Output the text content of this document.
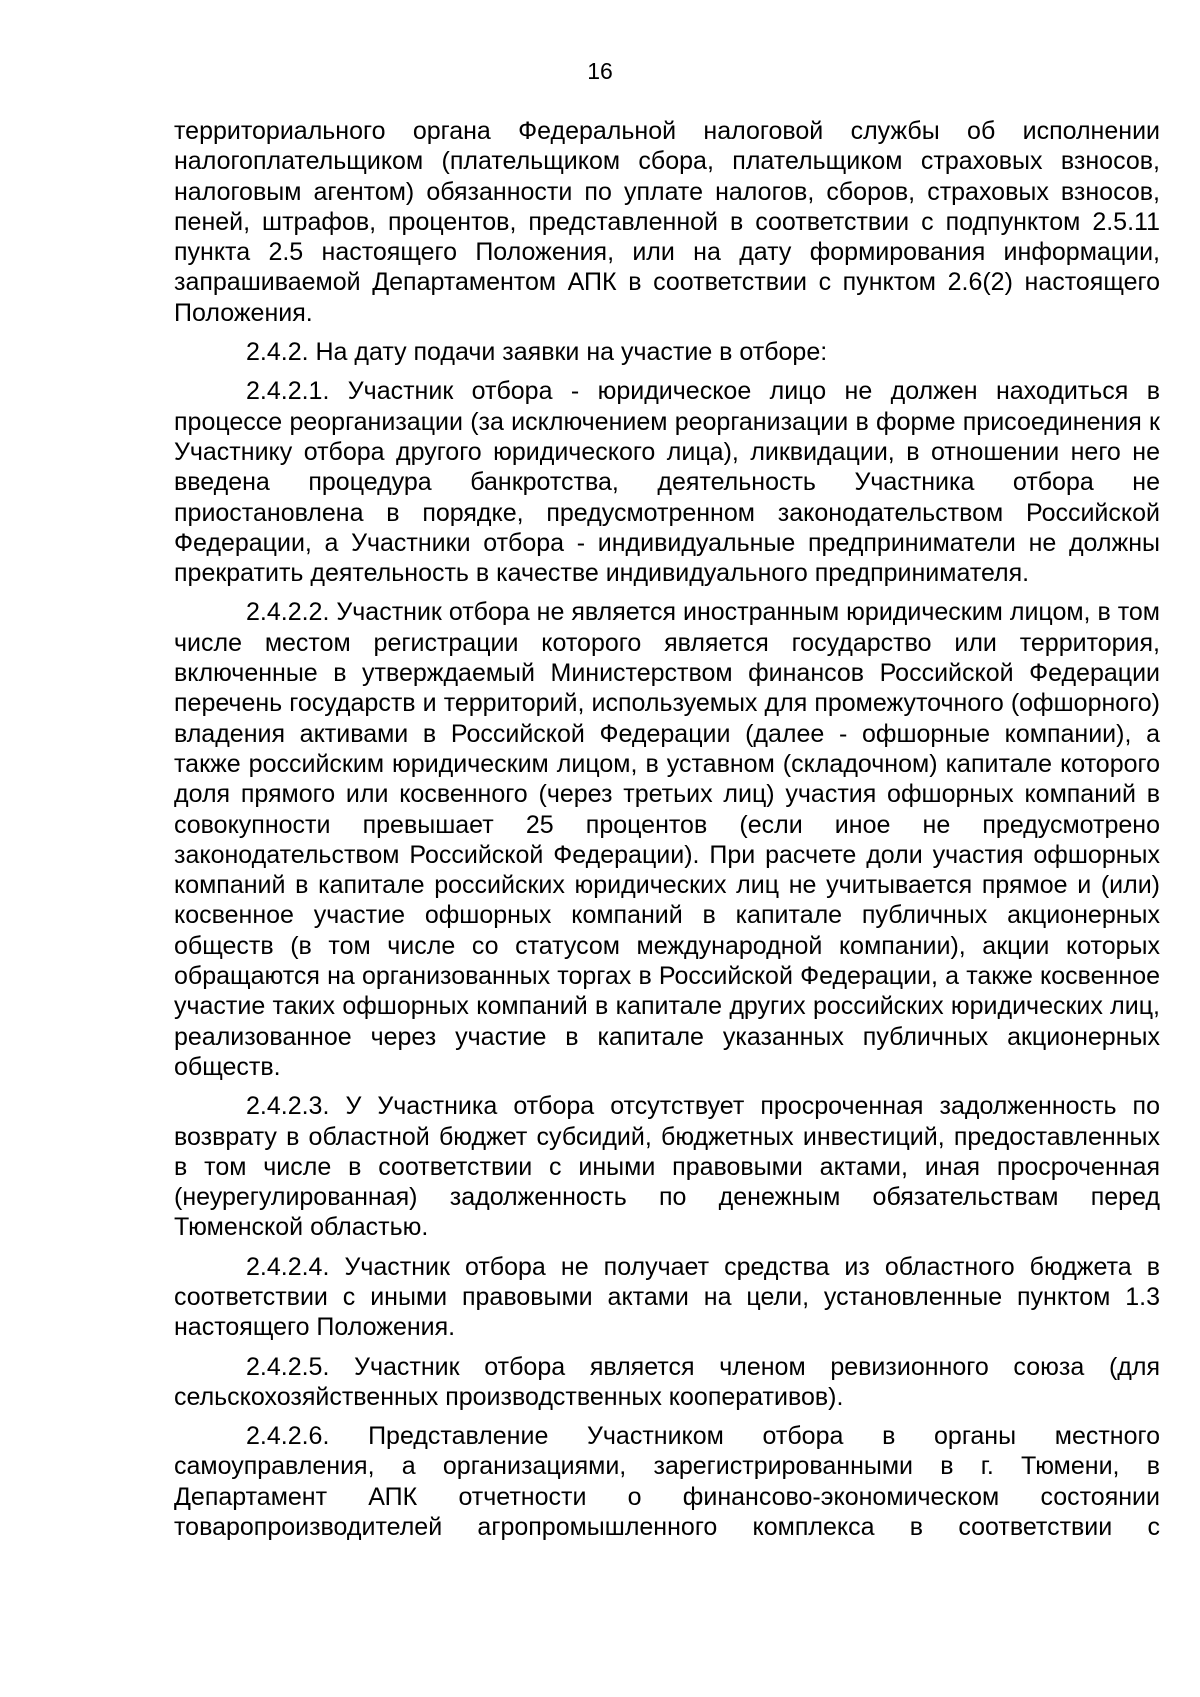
16

территориального органа Федеральной налоговой службы об исполнении налогоплательщиком (плательщиком сбора, плательщиком страховых взносов, налоговым агентом) обязанности по уплате налогов, сборов, страховых взносов, пеней, штрафов, процентов, представленной в соответствии с подпунктом 2.5.11 пункта 2.5 настоящего Положения, или на дату формирования информации, запрашиваемой Департаментом АПК в соответствии с пунктом 2.6(2) настоящего Положения.

2.4.2. На дату подачи заявки на участие в отборе:

2.4.2.1. Участник отбора - юридическое лицо не должен находиться в процессе реорганизации (за исключением реорганизации в форме присоединения к Участнику отбора другого юридического лица), ликвидации, в отношении него не введена процедура банкротства, деятельность Участника отбора не приостановлена в порядке, предусмотренном законодательством Российской Федерации, а Участники отбора - индивидуальные предприниматели не должны прекратить деятельность в качестве индивидуального предпринимателя.

2.4.2.2. Участник отбора не является иностранным юридическим лицом, в том числе местом регистрации которого является государство или территория, включенные в утверждаемый Министерством финансов Российской Федерации перечень государств и территорий, используемых для промежуточного (офшорного) владения активами в Российской Федерации (далее - офшорные компании), а также российским юридическим лицом, в уставном (складочном) капитале которого доля прямого или косвенного (через третьих лиц) участия офшорных компаний в совокупности превышает 25 процентов (если иное не предусмотрено законодательством Российской Федерации). При расчете доли участия офшорных компаний в капитале российских юридических лиц не учитывается прямое и (или) косвенное участие офшорных компаний в капитале публичных акционерных обществ (в том числе со статусом международной компании), акции которых обращаются на организованных торгах в Российской Федерации, а также косвенное участие таких офшорных компаний в капитале других российских юридических лиц, реализованное через участие в капитале указанных публичных акционерных обществ.

2.4.2.3. У Участника отбора отсутствует просроченная задолженность по возврату в областной бюджет субсидий, бюджетных инвестиций, предоставленных в том числе в соответствии с иными правовыми актами, иная просроченная (неурегулированная) задолженность по денежным обязательствам перед Тюменской областью.

2.4.2.4. Участник отбора не получает средства из областного бюджета в соответствии с иными правовыми актами на цели, установленные пунктом 1.3 настоящего Положения.

2.4.2.5. Участник отбора является членом ревизионного союза (для сельскохозяйственных производственных кооперативов).

2.4.2.6. Представление Участником отбора в органы местного самоуправления, а организациями, зарегистрированными в г. Тюмени, в Департамент АПК отчетности о финансово-экономическом состоянии товаропроизводителей агропромышленного комплекса в соответствии с
